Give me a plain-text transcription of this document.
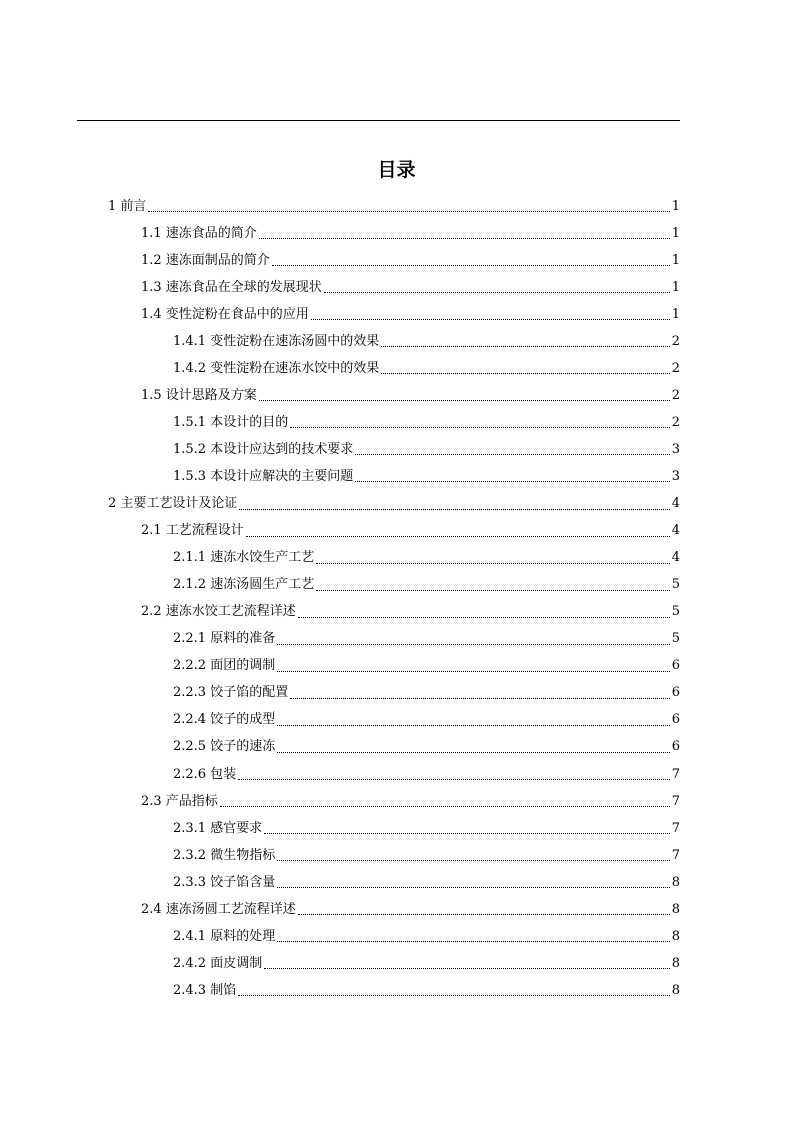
目录
1 前言	1
1.1 速冻食品的简介	1
1.2 速冻面制品的简介	1
1.3 速冻食品在全球的发展现状	1
1.4 变性淀粉在食品中的应用	1
1.4.1 变性淀粉在速冻汤圆中的效果	2
1.4.2 变性淀粉在速冻水饺中的效果	2
1.5 设计思路及方案	2
1.5.1 本设计的目的	2
1.5.2 本设计应达到的技术要求	3
1.5.3 本设计应解决的主要问题	3
2 主要工艺设计及论证	4
2.1 工艺流程设计	4
2.1.1 速冻水饺生产工艺	4
2.1.2 速冻汤圆生产工艺	5
2.2 速冻水饺工艺流程详述	5
2.2.1 原料的准备	5
2.2.2 面团的调制	6
2.2.3 饺子馅的配置	6
2.2.4 饺子的成型	6
2.2.5 饺子的速冻	6
2.2.6 包装	7
2.3 产品指标	7
2.3.1 感官要求	7
2.3.2 微生物指标	7
2.3.3 饺子馅含量	8
2.4 速冻汤圆工艺流程详述	8
2.4.1 原料的处理	8
2.4.2 面皮调制	8
2.4.3 制馅	8
